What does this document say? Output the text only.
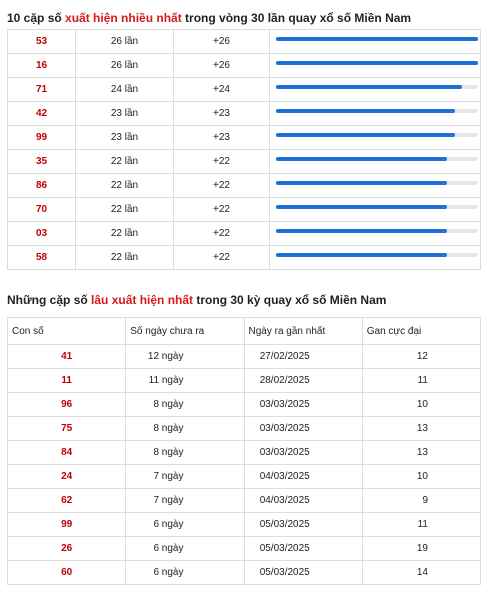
10 cặp số xuất hiện nhiều nhất trong vòng 30 lần quay xổ số Miền Nam
53	26 lần	+26	

16	26 lần	+26	

71	24 lần	+24	

42	23 lần	+23	

99	23 lần	+23	

35	22 lần	+22	

86	22 lần	+22	

70	22 lần	+22	

03	22 lần	+22	

58	22 lần	+22	
Những cặp số lâu xuất hiện nhất trong 30 kỳ quay xổ số Miền Nam
Con số	Số ngày chưa ra	Ngày ra gần nhất	Gan cực đại
41	12 ngày	27/02/2025	12
11	11 ngày	28/02/2025	11
96	8 ngày	03/03/2025	10
75	8 ngày	03/03/2025	13
84	8 ngày	03/03/2025	13
24	7 ngày	04/03/2025	10
62	7 ngày	04/03/2025	9
99	6 ngày	05/03/2025	11
26	6 ngày	05/03/2025	19
60	6 ngày	05/03/2025	14
